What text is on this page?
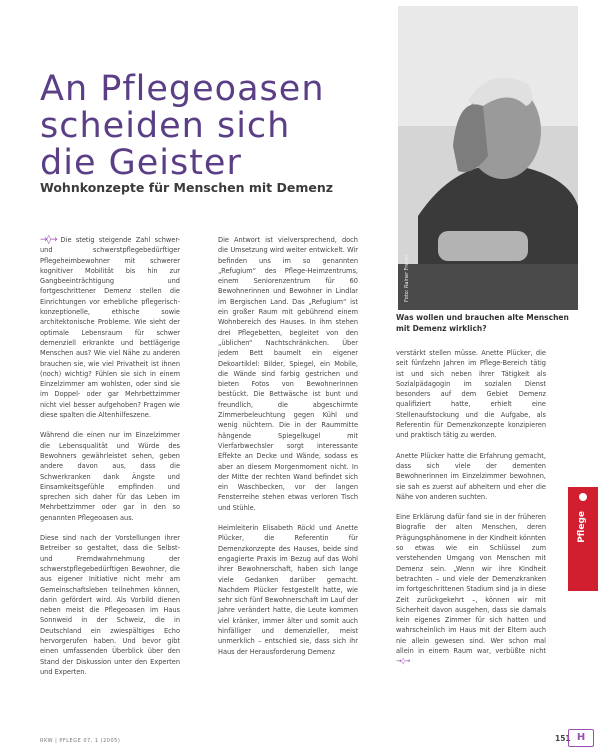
An Pflegeoasen
scheiden sich
die Geister
Wohnkonzepte für Menschen mit Demenz
Foto: Rainer Freyer
Was wollen und brauchen alte Menschen mit Demenz wirklich?

→◊→ Die stetig steigende Zahl schwer- und schwerstpflegebedürftiger Pflegeheimbewohner mit schwerer kognitiver Mobilität bis hin zur Gangbeeinträchtigung und fortgeschrittener Demenz stellen die Einrichtungen vor erhebliche pflegerisch-konzeptionelle, ethische sowie architektonische Probleme. Wie sieht der optimale Lebensraum für schwer demenziell erkrankte und bettlägerige Menschen aus? Wie viel Nähe zu anderen brauchen sie, wie viel Privatheit ist ihnen (noch) wichtig? Fühlen sie sich in einem Einzelzimmer am wohlsten, oder sind sie im Doppel- oder gar Mehrbettzimmer nicht viel besser aufgehoben? Fragen wie diese spalten die Altenhilfeszene.

Während die einen nur im Einzelzimmer die Lebensqualität und Würde des Bewohners gewährleistet sehen, geben andere davon aus, dass die Schwerkranken dank Ängste und Einsamkeitsgefühle empfinden und sprechen sich daher für das Leben im Mehrbettzimmer oder gar in den so genannten Pflegeoasen aus.

Diese sind nach der Vorstellungen ihrer Betreiber so gestaltet, dass die Selbst- und Fremdwahrnehmung der schwerstpflegebedürftigen Bewohner, die aus eigener Initiative nicht mehr am Gemeinschaftsleben teilnehmen können, darin gefördert wird. Als Vorbild dienen neben meist die Pflegeoasen im Haus Sonnweid in der Schweiz, die in Deutschland ein zwiespältiges Echo hervorgerufen haben. Und bevor gibt einen umfassenden Überblick über den Stand der Diskussion unter den Experten und Experten.

Die Antwort ist vielversprechend, doch die Umsetzung wird weiter entwickelt. Wir befinden uns im so genannten „Refugium“ des Pflege-Heimzentrums, einem Seniorenzentrum für 60 Bewohnerinnen und Bewohner in Lindlar im Bergischen Land. Das „Refugium“ ist ein großer Raum mit gebührend einem Wohnbereich des Hauses. In ihm stehen drei Pflegebetten, begleitet von den „üblichen“ Nachtschränkchen. Über jedem Bett baumelt ein eigener Dekoartiklel: Bilder, Spiegel, ein Mobile, die Wände sind farbig gestrichen und bieten Fotos von Bewohnerinnen bestückt. Die Bettwäsche ist bunt und freundlich, die abgeschirmte Zimmerbeleuchtung gegen Kühl und wenig nüchtern. Die in der Raummitte hängende Spiegelkugel mit Vierfarbwechsler sorgt interessante Effekte an Decke und Wände, sodass es aber an diesem Morgenmoment nicht. In der Mitte der rechten Wand befindet sich ein Waschbecken, vor der langen Fensterreihe stehen etwas verloren Tisch und Stühle.

Heimleiterin Elisabeth Röckl und Anette Plücker, die Referentin für Demenzkonzepte des Hauses, beide sind engagierte Praxis im Bezug auf das Wohl ihrer Bewohnerschaft, haben sich lange viele Gedanken darüber gemacht. Nachdem Plücker festgestellt hatte, wie sehr sich fünf Bewohnerschaft im Lauf der Jahre verändert hatte, die Leute kommen viel kränker, immer älter und somit auch hinfälliger und demenzieller, meist unmerklich – entschied sie, dass sich ihr Haus der Herausforderung Demenz

verstärkt stellen müsse. Anette Plücker, die seit fünfzehn Jahren im Pflege-Bereich tätig ist und sich neben ihrer Tätigkeit als Sozialpädagogin im sozialen Dienst besonders auf dem Gebiet Demenz qualifiziert hatte, erhielt eine Stellenaufstockung und die Aufgabe, als Referentin für Demenzkonzepte konzipieren und praktisch tätig zu werden.

Anette Plücker hatte die Erfahrung gemacht, dass sich viele der dementen Bewohnerinnen im Einzelzimmer bewohnen, sie sah es zuerst auf abheitern und eher die Nähe von anderen suchten.

Eine Erklärung dafür fand sie in der früheren Biografie der alten Menschen, deren Prägungsphänomene in der Kindheit könnten so etwas wie ein Schlüssel zum verstehenden Umgang von Menschen mit Demenz sein. „Wenn wir ihre Kindheit betrachten – und viele der Demenzkranken im fortgeschrittenen Stadium sind ja in diese Zeit zurückgekehrt –, können wir mit Sicherheit davon ausgehen, dass sie damals kein eigenes Zimmer für sich hatten und wahrscheinlich im Haus mit der Eltern auch nie allein gewesen sind. Wer schon mal allein in einem Raum war, verbüßte nicht →◊→

Pflege
RKW | PFLEGE 07, 1 (2005)	151 H
